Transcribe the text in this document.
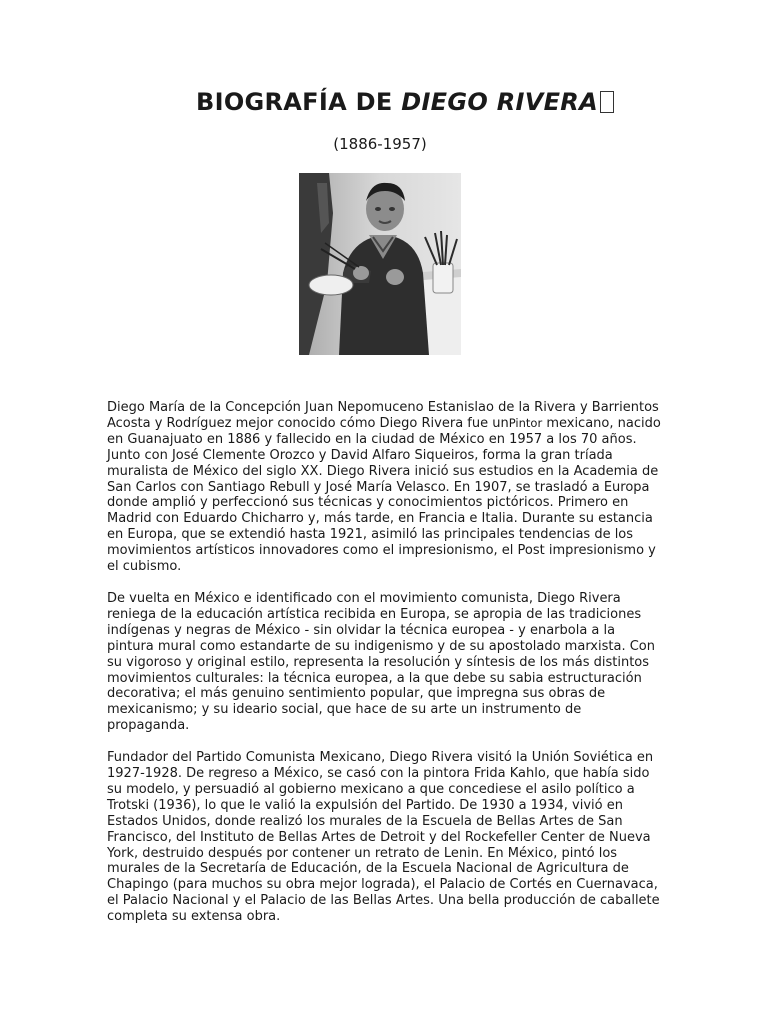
BIOGRAFÍA DE DIEGO RIVERA

(1886-1957)

Diego María de la Concepción Juan Nepomuceno Estanislao de la Rivera y Barrientos Acosta y Rodríguez mejor conocido cómo Diego Rivera fue unPintor mexicano, nacido en Guanajuato en 1886 y fallecido en la ciudad de México en 1957 a los 70 años. Junto con José Clemente Orozco y David Alfaro Siqueiros, forma la gran tríada muralista de México del siglo XX. Diego Rivera inició sus estudios en la Academia de San Carlos con Santiago Rebull y José María Velasco. En 1907, se trasladó a Europa donde amplió y perfeccionó sus técnicas y conocimientos pictóricos. Primero en Madrid con Eduardo Chicharro y, más tarde, en Francia e Italia. Durante su estancia en Europa, que se extendió hasta 1921, asimiló las principales tendencias de los movimientos artísticos innovadores como el impresionismo, el Post impresionismo y el cubismo.

De vuelta en México e identificado con el movimiento comunista, Diego Rivera reniega de la educación artística recibida en Europa, se apropia de las tradiciones indígenas y negras de México - sin olvidar la técnica europea - y enarbola a la pintura mural como estandarte de su indigenismo y de su apostolado marxista. Con su vigoroso y original estilo, representa la resolución y síntesis de los más distintos movimientos culturales: la técnica europea, a la que debe su sabia estructuración decorativa; el más genuino sentimiento popular, que impregna sus obras de mexicanismo; y su ideario social, que hace de su arte un instrumento de propaganda.

Fundador del Partido Comunista Mexicano, Diego Rivera visitó la Unión Soviética en 1927-1928. De regreso a México, se casó con la pintora Frida Kahlo, que había sido su modelo, y persuadió al gobierno mexicano a que concediese el asilo político a Trotski (1936), lo que le valió la expulsión del Partido. De 1930 a 1934, vivió en Estados Unidos, donde realizó los murales de la Escuela de Bellas Artes de San Francisco, del Instituto de Bellas Artes de Detroit y del Rockefeller Center de Nueva York, destruido después por contener un retrato de Lenin. En México, pintó los murales de la Secretaría de Educación, de la Escuela Nacional de Agricultura de Chapingo (para muchos su obra mejor lograda), el Palacio de Cortés en Cuernavaca, el Palacio Nacional y el Palacio de las Bellas Artes. Una bella producción de caballete completa su extensa obra.
